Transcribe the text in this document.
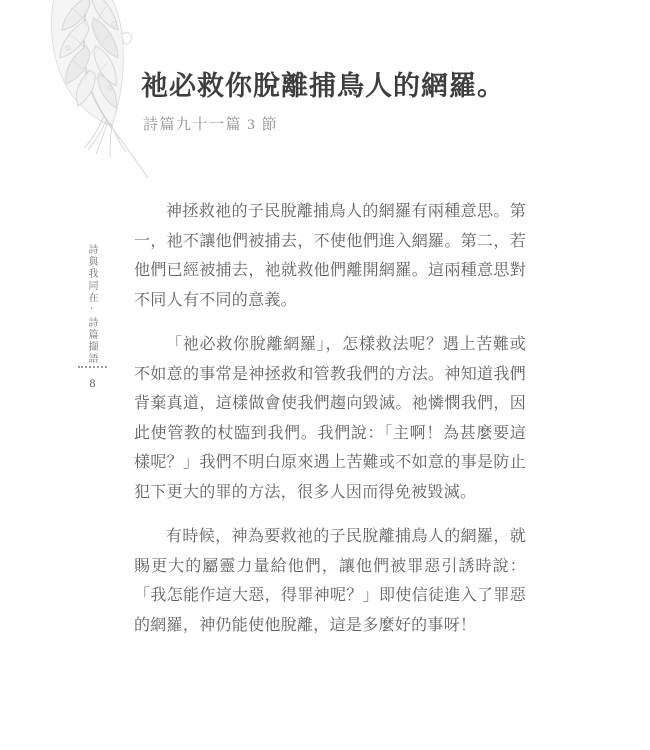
詩與我同在·詩篇擷語
8
祂必救你脫離捕鳥人的網羅。
詩篇九十一篇 3 節

神拯救祂的子民脫離捕鳥人的網羅有兩種意思。第一，祂不讓他們被捕去，不使他們進入網羅。第二，若他們已經被捕去，祂就救他們離開網羅。這兩種意思對不同人有不同的意義。

「祂必救你脫離網羅」，怎樣救法呢？遇上苦難或不如意的事常是神拯救和管教我們的方法。神知道我們背棄真道，這樣做會使我們趨向毀滅。祂憐憫我們，因此使管教的杖臨到我們。我們說：「主啊！為甚麼要這樣呢？」我們不明白原來遇上苦難或不如意的事是防止犯下更大的罪的方法，很多人因而得免被毀滅。

有時候，神為要救祂的子民脫離捕鳥人的網羅，就賜更大的屬靈力量給他們，讓他們被罪惡引誘時說：「我怎能作這大惡，得罪神呢？」即使信徒進入了罪惡的網羅，神仍能使他脫離，這是多麼好的事呀！
